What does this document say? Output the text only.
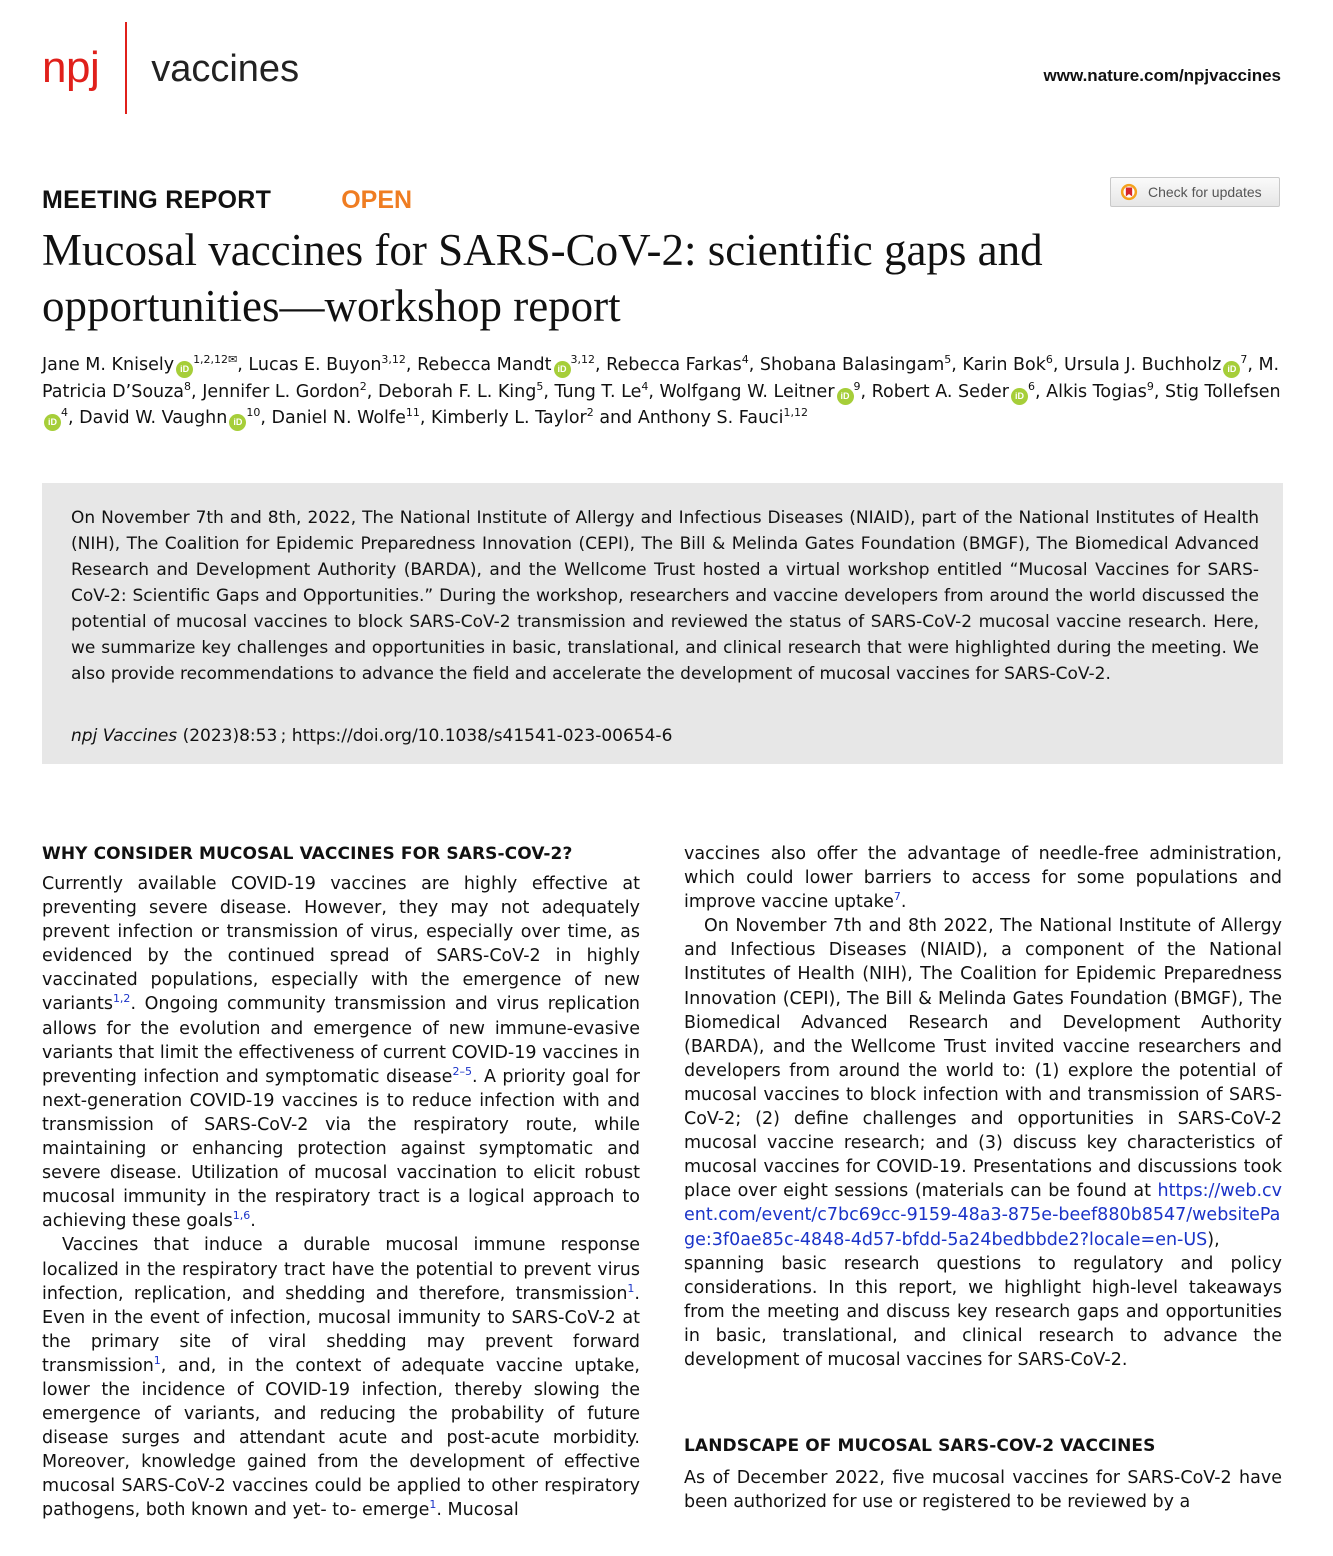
npj vaccines	www.nature.com/npjvaccines
MEETING REPORT	OPEN	Check for updates
Mucosal vaccines for SARS-CoV-2: scientific gaps and opportunities—workshop report

Jane M. Knisely $iD^{1,2,12✉}$, Lucas E. Buyon$^{3,12}$, Rebecca Mandt iD$^{3,12}$, Rebecca Farkas$^4$, Shobana Balasingam$^5$, Karin Bok$^6$, Ursula J. Buchholz $iD^7$, M. Patricia D’Souza$^8$, Jennifer L. Gordon$^2$, Deborah F. L. King$^5$, Tung T. Le$^4$, Wolfgang W. Leitner $iD^9$, Robert A. Seder $iD^6$, Alkis Togias$^9$, Stig TollefseniD$^4$, David W. Vaughn $iD^{10}$, Daniel N. Wolfe$^{11}$, Kimberly L. Taylor$^2$ and Anthony S. Fauci$^{1,12}$

On November 7th and 8th, 2022, The National Institute of Allergy and Infectious Diseases (NIAID), part of the National Institutes of Health (NIH), The Coalition for Epidemic Preparedness Innovation (CEPI), The Bill & Melinda Gates Foundation (BMGF), The Biomedical Advanced Research and Development Authority (BARDA), and the Wellcome Trust hosted a virtual workshop entitled “Mucosal Vaccines for SARS-CoV-2: Scientific Gaps and Opportunities.” During the workshop, researchers and vaccine developers from around the world discussed the potential of mucosal vaccines to block SARS-CoV-2 transmission and reviewed the status of SARS-CoV-2 mucosal vaccine research. Here, we summarize key challenges and opportunities in basic, translational, and clinical research that were highlighted during the meeting. We also provide recommendations to advance the field and accelerate the development of mucosal vaccines for SARS-CoV-2.

npj Vaccines (2023)8:53 ; https://doi.org/10.1038/s41541-023-00654-6

WHY CONSIDER MUCOSAL VACCINES FOR SARS-COV-2?

Currently available COVID-19 vaccines are highly effective at preventing severe disease. However, they may not adequately prevent infection or transmission of virus, especially over time, as evidenced by the continued spread of SARS-CoV-2 in highly vaccinated populations, especially with the emergence of new variants$^{1,2}$. Ongoing community transmission and virus replication allows for the evolution and emergence of new immune-evasive variants that limit the effectiveness of current COVID-19 vaccines in preventing infection and symptomatic disease$^{2-5}$. A priority goal for next-generation COVID-19 vaccines is to reduce infection with and transmission of SARS-CoV-2 via the respiratory route, while maintaining or enhancing protection against symptomatic and severe disease. Utilization of mucosal vaccination to elicit robust mucosal immunity in the respiratory tract is a logical approach to achieving these goals$^{1,6}$.

Vaccines that induce a durable mucosal immune response localized in the respiratory tract have the potential to prevent virus infection, replication, and shedding and therefore, transmission$^1$. Even in the event of infection, mucosal immunity to SARS-CoV-2 at the primary site of viral shedding may prevent forward transmission$^1$, and, in the context of adequate vaccine uptake, lower the incidence of COVID-19 infection, thereby slowing the emergence of variants, and reducing the probability of future disease surges and attendant acute and post-acute morbidity. Moreover, knowledge gained from the development of effective mucosal SARS-CoV-2 vaccines could be applied to other respiratory pathogens, both known and yet- to- emerge$^1$. Mucosal

vaccines also offer the advantage of needle-free administration, which could lower barriers to access for some populations and improve vaccine uptake$^7$.

On November 7th and 8th 2022, The National Institute of Allergy and Infectious Diseases (NIAID), a component of the National Institutes of Health (NIH), The Coalition for Epidemic Preparedness Innovation (CEPI), The Bill & Melinda Gates Foundation (BMGF), The Biomedical Advanced Research and Development Authority (BARDA), and the Wellcome Trust invited vaccine researchers and developers from around the world to: (1) explore the potential of mucosal vaccines to block infection with and transmission of SARS-CoV-2; (2) define challenges and opportunities in SARS-CoV-2 mucosal vaccine research; and (3) discuss key characteristics of mucosal vaccines for COVID-19. Presentations and discussions took place over eight sessions (materials can be found at https://web.cvent.com/event/c7bc69cc-9159-48a3-875e-beef880b8547/websitePage:3f0ae85c-4848-4d57-bfdd-5a24bedbbde2?locale=en-US), spanning basic research questions to regulatory and policy considerations. In this report, we highlight high-level takeaways from the meeting and discuss key research gaps and opportunities in basic, translational, and clinical research to advance the development of mucosal vaccines for SARS-CoV-2.

LANDSCAPE OF MUCOSAL SARS-COV-2 VACCINES

As of December 2022, five mucosal vaccines for SARS-CoV-2 have been authorized for use or registered to be reviewed by a
